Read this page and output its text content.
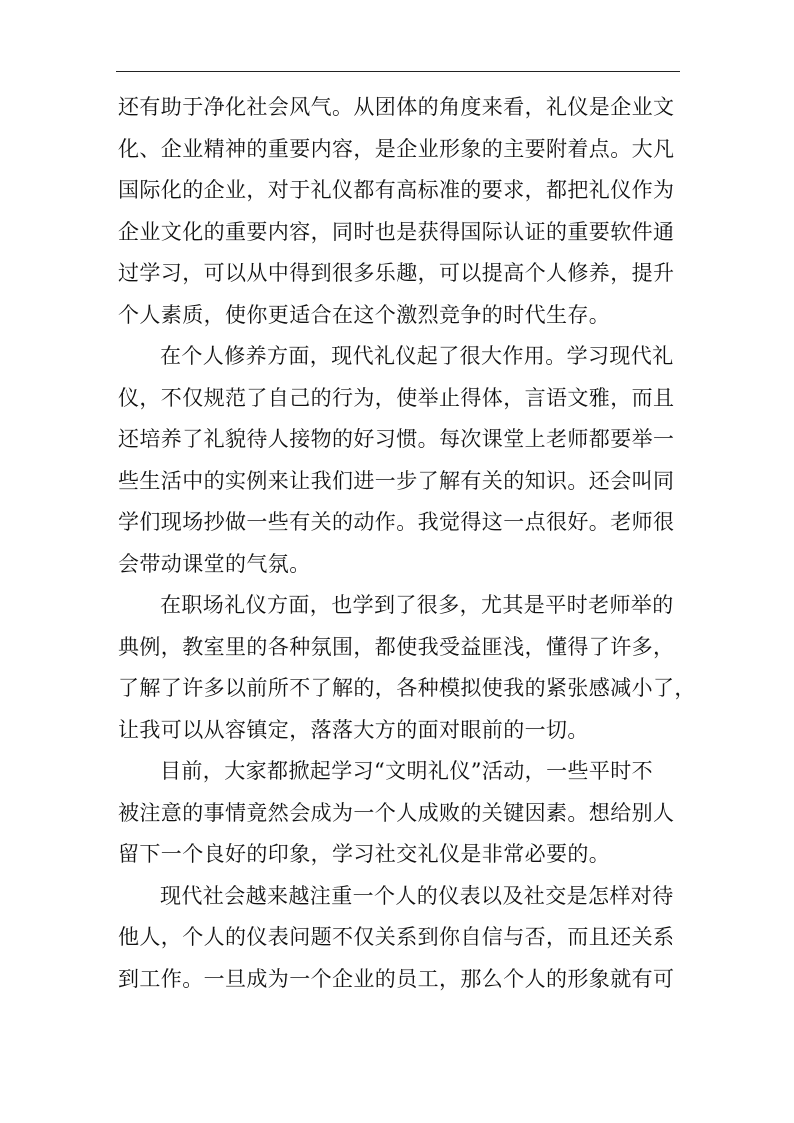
还有助于净化社会风气。从团体的角度来看，礼仪是企业文
化、企业精神的重要内容，是企业形象的主要附着点。大凡
国际化的企业，对于礼仪都有高标准的要求，都把礼仪作为
企业文化的重要内容，同时也是获得国际认证的重要软件通
过学习，可以从中得到很多乐趣，可以提高个人修养，提升
个人素质，使你更适合在这个激烈竞争的时代生存。
在个人修养方面，现代礼仪起了很大作用。学习现代礼
仪，不仅规范了自己的行为，使举止得体，言语文雅，而且
还培养了礼貌待人接物的好习惯。每次课堂上老师都要举一
些生活中的实例来让我们进一步了解有关的知识。还会叫同
学们现场抄做一些有关的动作。我觉得这一点很好。老师很
会带动课堂的气氛。
在职场礼仪方面，也学到了很多，尤其是平时老师举的
典例，教室里的各种氛围，都使我受益匪浅，懂得了许多，
了解了许多以前所不了解的，各种模拟使我的紧张感减小了，
让我可以从容镇定，落落大方的面对眼前的一切。
目前，大家都掀起学习“文明礼仪”活动，一些平时不
被注意的事情竟然会成为一个人成败的关键因素。想给别人
留下一个良好的印象，学习社交礼仪是非常必要的。
现代社会越来越注重一个人的仪表以及社交是怎样对待
他人，个人的仪表问题不仅关系到你自信与否，而且还关系
到工作。一旦成为一个企业的员工，那么个人的形象就有可
